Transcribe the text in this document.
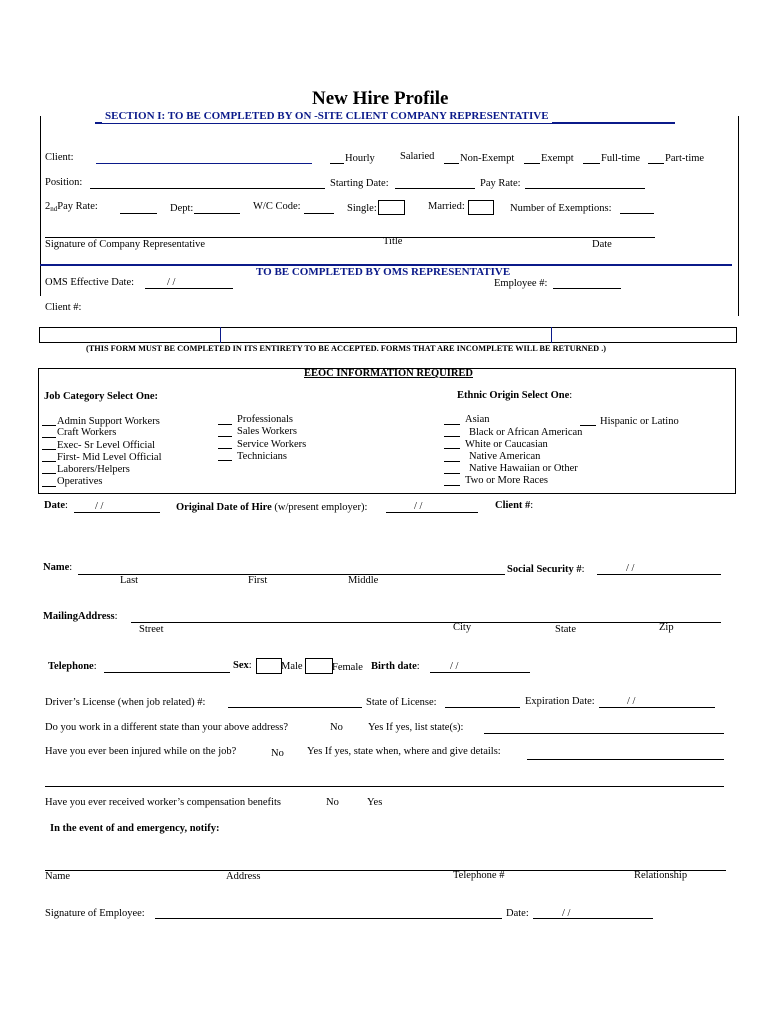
New Hire Profile
SECTION I: TO BE COMPLETED BY ON -SITE CLIENT COMPANY REPRESENTATIVE
Client:	Hourly Salaried Non-Exempt	Exempt	Full-time Part-time
Position:	Starting Date:	Pay Rate:
2ndPay Rate:	Dept:	W/C Code:	Single:	Married:	Number of Exemptions:
Signature of Company Representative	Title	Date
TO BE COMPLETED BY OMS REPRESENTATIVE
OMS Effective Date:	/ /	Employee #:
Client #:
(THIS FORM MUST BE COMPLETED IN ITS ENTIRETY TO BE ACCEPTED. FORMS THAT ARE INCOMPLETE WILL BE RETURNED .)
EEOC INFORMATION REQUIRED
Job Category Select One:	Ethnic Origin Select One:
Admin Support Workers
Craft Workers
Exec- Sr Level Official
First- Mid Level Official
Laborers/Helpers
Operatives
Professionals
Sales Workers
Service Workers
Technicians
Asian	Hispanic or Latino
Black or African American
White or Caucasian
Native American
Native Hawaiian or Other
Two or More Races
Date:	/ /	Original Date of Hire (w/present employer):	/ /	Client #:
Name:
Last	First	Middle
Social Security #:	/ /
MailingAddress:
Street	City	State	Zip
Telephone:	Sex:	Male	Female Birth date:	/ /
Driver’s License (when job related) #:	State of License:	Expiration Date:	/ /
Do you work in a different state than your above address?	No Yes If yes, list state(s):
Have you ever been injured while on the job?	No Yes If yes, state when, where and give details:
Have you ever received worker’s compensation benefits	No	Yes
In the event of and emergency, notify:
Name	Address	Telephone #	Relationship
Signature of Employee:	Date:	/ /
